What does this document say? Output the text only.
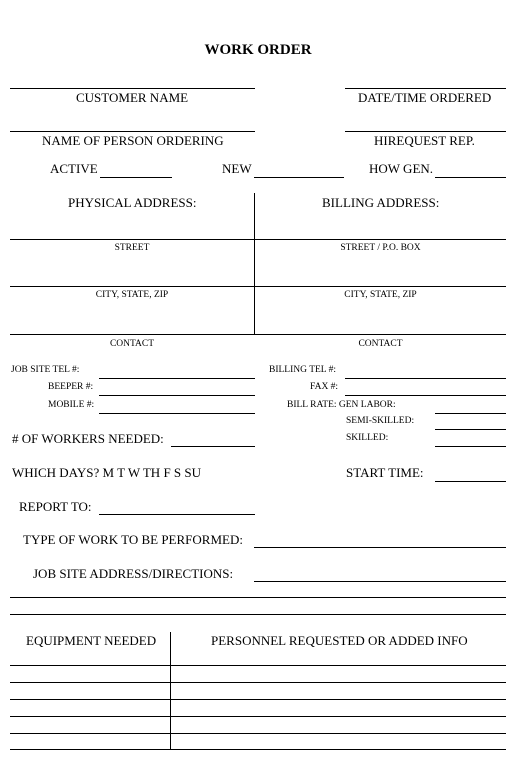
WORK ORDER
CUSTOMER NAME	DATE/TIME ORDERED
NAME OF PERSON ORDERING	HIREQUEST REP.
ACTIVE	NEW	HOW GEN.
PHYSICAL ADDRESS:	BILLING ADDRESS:
STREET	STREET / P.O. BOX
CITY, STATE, ZIP	CITY, STATE, ZIP
CONTACT	CONTACT
JOB SITE TEL #:
BEEPER #:
MOBILE #:
BILLING TEL #:
FAX #:
BILL RATE: GEN LABOR:
SEMI-SKILLED:
SKILLED:
# OF WORKERS NEEDED:
WHICH DAYS? M T W TH F S SU	START TIME:
REPORT TO:
TYPE OF WORK TO BE PERFORMED:
JOB SITE ADDRESS/DIRECTIONS:
EQUIPMENT NEEDED	PERSONNEL REQUESTED OR ADDED INFO
